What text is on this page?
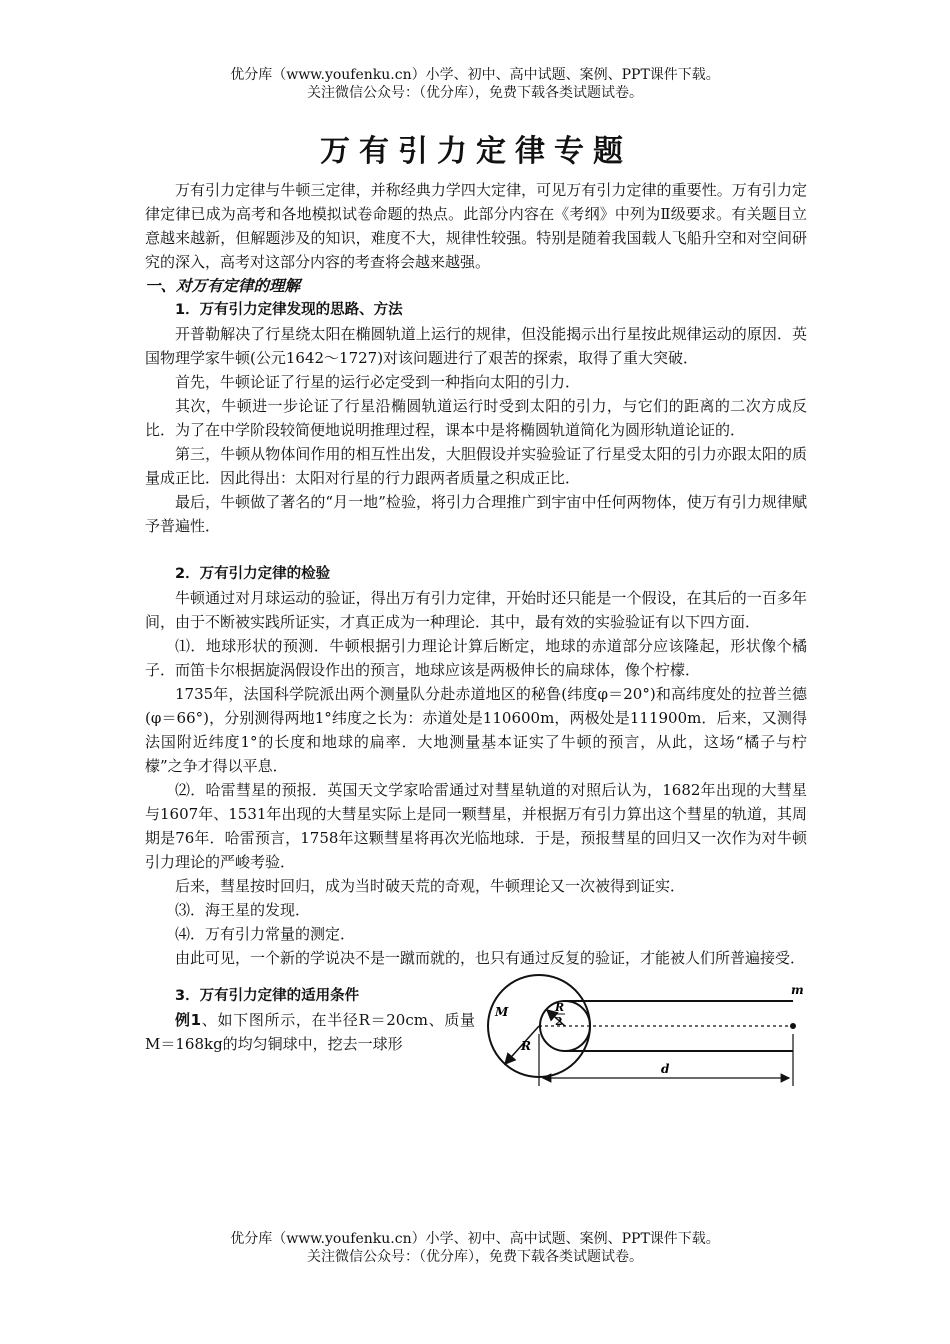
优分库（www.youfenku.cn）小学、初中、高中试题、案例、PPT课件下载。
关注微信公众号：（优分库），免费下载各类试题试卷。
万有引力定律专题

万有引力定律与牛顿三定律，并称经典力学四大定律，可见万有引力定律的重要性。万有引力定律定律已成为高考和各地模拟试卷命题的热点。此部分内容在《考纲》中列为Ⅱ级要求。有关题目立意越来越新，但解题涉及的知识，难度不大，规律性较强。特别是随着我国载人飞船升空和对空间研究的深入，高考对这部分内容的考查将会越来越强。

一、对万有定律的理解
1．万有引力定律发现的思路、方法

开普勒解决了行星绕太阳在椭圆轨道上运行的规律，但没能揭示出行星按此规律运动的原因．英国物理学家牛顿(公元1642～1727)对该问题进行了艰苦的探索，取得了重大突破．

首先，牛顿论证了行星的运行必定受到一种指向太阳的引力．

其次，牛顿进一步论证了行星沿椭圆轨道运行时受到太阳的引力，与它们的距离的二次方成反比．为了在中学阶段较简便地说明推理过程，课本中是将椭圆轨道简化为圆形轨道论证的．

第三，牛顿从物体间作用的相互性出发，大胆假设并实验验证了行星受太阳的引力亦跟太阳的质量成正比．因此得出：太阳对行星的行力跟两者质量之积成正比．

最后，牛顿做了著名的“月一地”检验，将引力合理推广到宇宙中任何两物体，使万有引力规律赋予普遍性．

2．万有引力定律的检验

牛顿通过对月球运动的验证，得出万有引力定律，开始时还只能是一个假设，在其后的一百多年间，由于不断被实践所证实，才真正成为一种理论．其中，最有效的实验验证有以下四方面．

⑴．地球形状的预测．牛顿根据引力理论计算后断定，地球的赤道部分应该隆起，形状像个橘子．而笛卡尔根据旋涡假设作出的预言，地球应该是两极伸长的扁球体，像个柠檬．

1735年，法国科学院派出两个测量队分赴赤道地区的秘鲁(纬度φ＝20°)和高纬度处的拉普兰德(φ＝66°)，分别测得两地1°纬度之长为：赤道处是110600m，两极处是111900m．后来，又测得法国附近纬度1°的长度和地球的扁率．大地测量基本证实了牛顿的预言，从此，这场“橘子与柠檬”之争才得以平息．

⑵．哈雷彗星的预报．英国天文学家哈雷通过对彗星轨道的对照后认为，1682年出现的大彗星与1607年、1531年出现的大彗星实际上是同一颗彗星，并根据万有引力算出这个彗星的轨道，其周期是76年．哈雷预言，1758年这颗彗星将再次光临地球．于是，预报彗星的回归又一次作为对牛顿引力理论的严峻考验．

后来，彗星按时回归，成为当时破天荒的奇观，牛顿理论又一次被得到证实．

⑶．海王星的发现．

⑷．万有引力常量的测定．

由此可见，一个新的学说决不是一蹴而就的，也只有通过反复的验证，才能被人们所普遍接受．

3．万有引力定律的适用条件

例1、如下图所示，在半径R＝20cm、质量M＝168kg的均匀铜球中，挖去一球形

M
R
R
2
m
d
优分库（www.youfenku.cn）小学、初中、高中试题、案例、PPT课件下载。
关注微信公众号：（优分库），免费下载各类试题试卷。
